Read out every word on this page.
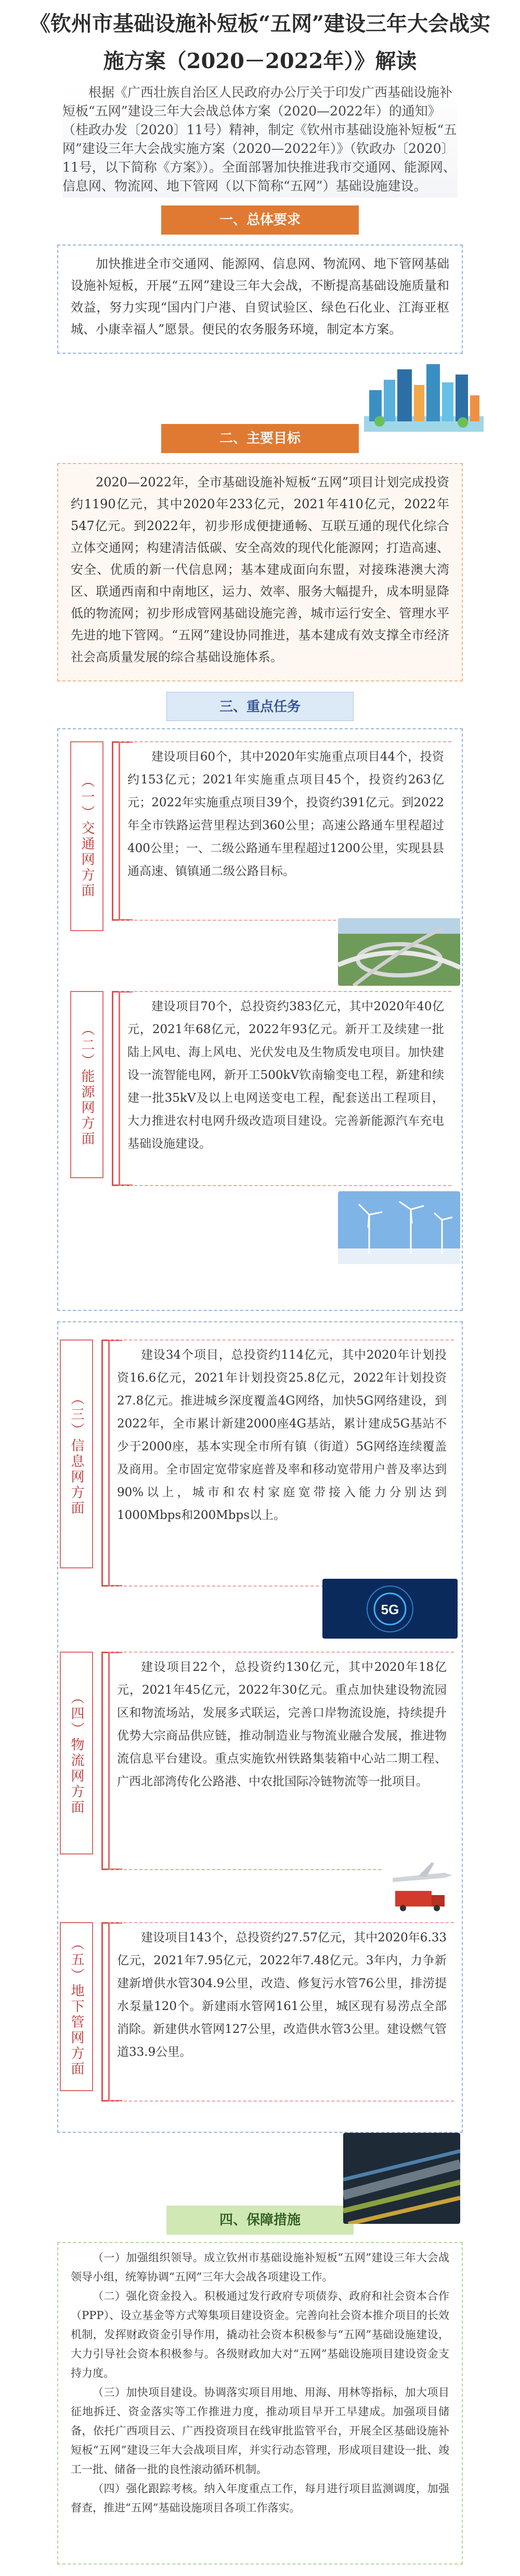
《钦州市基础设施补短板“五网”建设三年大会战实施方案（2020－2022年）》解读
根据《广西壮族自治区人民政府办公厅关于印发广西基础设施补短板“五网”建设三年大会战总体方案（2020—2022年）的通知》（桂政办发〔2020〕11号）精神，制定《钦州市基础设施补短板“五网”建设三年大会战实施方案（2020—2022年）》（钦政办〔2020〕11号，以下简称《方案》）。全面部署加快推进我市交通网、能源网、信息网、物流网、地下管网（以下简称“五网”）基础设施建设。
一、总体要求
加快推进全市交通网、能源网、信息网、物流网、地下管网基础设施补短板，开展“五网”建设三年大会战，不断提高基础设施质量和效益，努力实现“国内门户港、自贸试验区、绿色石化业、江海亚枢城、小康幸福人”愿景。便民的农务服务环境，制定本方案。
二、主要目标
2020—2022年，全市基础设施补短板“五网”项目计划完成投资约1190亿元，其中2020年233亿元，2021年410亿元，2022年547亿元。到2022年，初步形成便捷通畅、互联互通的现代化综合立体交通网；构建清洁低碳、安全高效的现代化能源网；打造高速、安全、优质的新一代信息网；基本建成面向东盟，对接珠港澳大湾区、联通西南和中南地区，运力、效率、服务大幅提升，成本明显降低的物流网；初步形成管网基础设施完善，城市运行安全、管理水平先进的地下管网。“五网”建设协同推进，基本建成有效支撑全市经济社会高质量发展的综合基础设施体系。
三、重点任务
（一）交通网方面
建设项目60个，其中2020年实施重点项目44个，投资约153亿元；2021年实施重点项目45个，投资约263亿元；2022年实施重点项目39个，投资约391亿元。到2022年全市铁路运营里程达到360公里；高速公路通车里程超过400公里；一、二级公路通车里程超过1200公里，实现县县通高速、镇镇通二级公路目标。
（二）能源网方面
建设项目70个，总投资约383亿元，其中2020年40亿元，2021年68亿元，2022年93亿元。新开工及续建一批陆上风电、海上风电、光伏发电及生物质发电项目。加快建设一流智能电网，新开工500kV钦南输变电工程，新建和续建一批35kV及以上电网送变电工程，配套送出工程项目，大力推进农村电网升级改造项目建设。完善新能源汽车充电基础设施建设。
（三）信息网方面
建设34个项目，总投资约114亿元，其中2020年计划投资16.6亿元，2021年计划投资25.8亿元，2022年计划投资27.8亿元。推进城乡深度覆盖4G网络，加快5G网络建设，到2022年，全市累计新建2000座4G基站，累计建成5G基站不少于2000座，基本实现全市所有镇（街道）5G网络连续覆盖及商用。全市固定宽带家庭普及率和移动宽带用户普及率达到90%以上，城市和农村家庭宽带接入能力分别达到1000Mbps和200Mbps以上。
5G
（四）物流网方面
建设项目22个，总投资约130亿元，其中2020年18亿元，2021年45亿元，2022年30亿元。重点加快建设物流园区和物流场站，发展多式联运，完善口岸物流设施，持续提升优势大宗商品供应链，推动制造业与物流业融合发展，推进物流信息平台建设。重点实施钦州铁路集装箱中心站二期工程、广西北部湾传化公路港、中农批国际冷链物流等一批项目。
（五）地下管网方面	建设项目143个，总投资约27.57亿元，其中2020年6.33亿元，2021年7.95亿元，2022年7.48亿元。3年内，力争新建新增供水管304.9公里，改造、修复污水管76公里，排涝提水泵量120个。新建雨水管网161公里，城区现有易涝点全部消除。新建供水管网127公里，改造供水管3公里。建设燃气管道33.9公里。
四、保障措施
（一）加强组织领导。成立钦州市基础设施补短板“五网”建设三年大会战领导小组，统筹协调“五网”三年大会战各项建设工作。
（二）强化资金投入。积极通过发行政府专项债券、政府和社会资本合作（PPP）、设立基金等方式筹集项目建设资金。完善向社会资本推介项目的长效机制，发挥财政资金引导作用，撬动社会资本积极参与“五网”基础设施建设，大力引导社会资本积极参与。各级财政加大对“五网”基础设施项目建设资金支持力度。
（三）加快项目建设。协调落实项目用地、用海、用林等指标，加大项目征地拆迁、资金落实等工作推进力度，推动项目早开工早建成。加强项目储备，依托广西项目云、广西投资项目在线审批监管平台，开展全区基础设施补短板“五网”建设三年大会战项目库，并实行动态管理，形成项目建设一批、竣工一批、储备一批的良性滚动循环机制。
（四）强化跟踪考核。纳入年度重点工作，每月进行项目监测调度，加强督查，推进“五网”基础设施项目各项工作落实。
